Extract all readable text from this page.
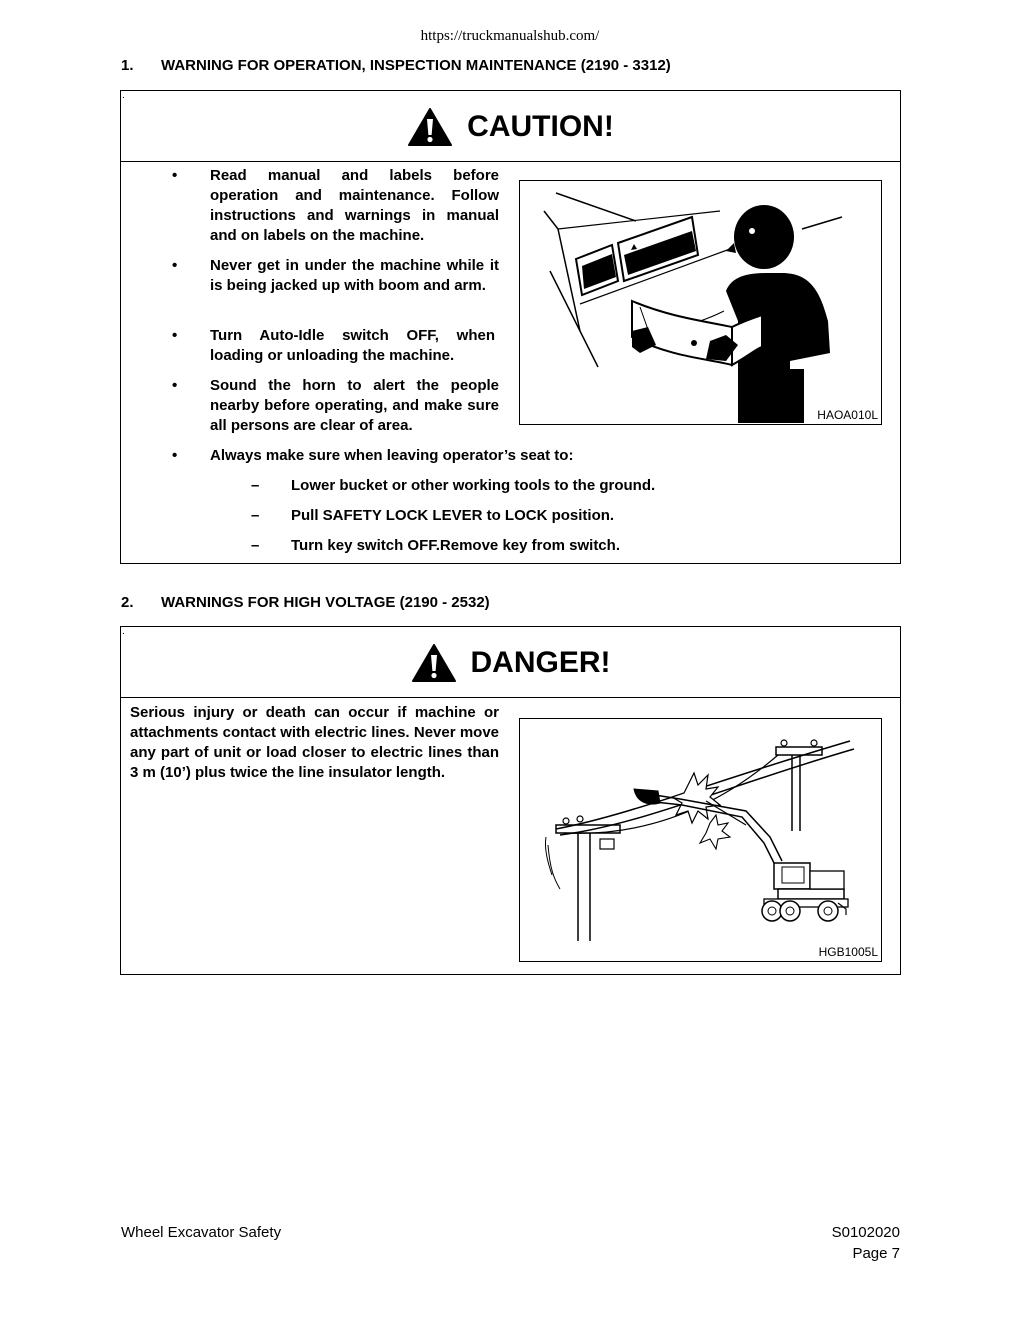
https://truckmanualshub.com/
1. WARNING FOR OPERATION, INSPECTION MAINTENANCE (2190 - 3312)
.
CAUTION!
• Read manual and labels before operation and maintenance. Follow instructions and warnings in manual and on labels on the machine.
• Never get in under the machine while it is being jacked up with boom and arm.
• Turn Auto-Idle switch OFF, when loading or unloading the machine.
• Sound the horn to alert the people nearby before operating, and make sure all persons are clear of area.
• Always make sure when leaving operator’s seat to:
– Lower bucket or other working tools to the ground.
– Pull SAFETY LOCK LEVER to LOCK position.
– Turn key switch OFF.Remove key from switch.
HAOA010L
2. WARNINGS FOR HIGH VOLTAGE (2190 - 2532)
.
DANGER!
Serious injury or death can occur if machine or attachments contact with electric lines. Never move any part of unit or load closer to electric lines than 3 m (10’) plus twice the line insulator length.
HGB1005L
Wheel Excavator Safety	S0102020
Page 7
